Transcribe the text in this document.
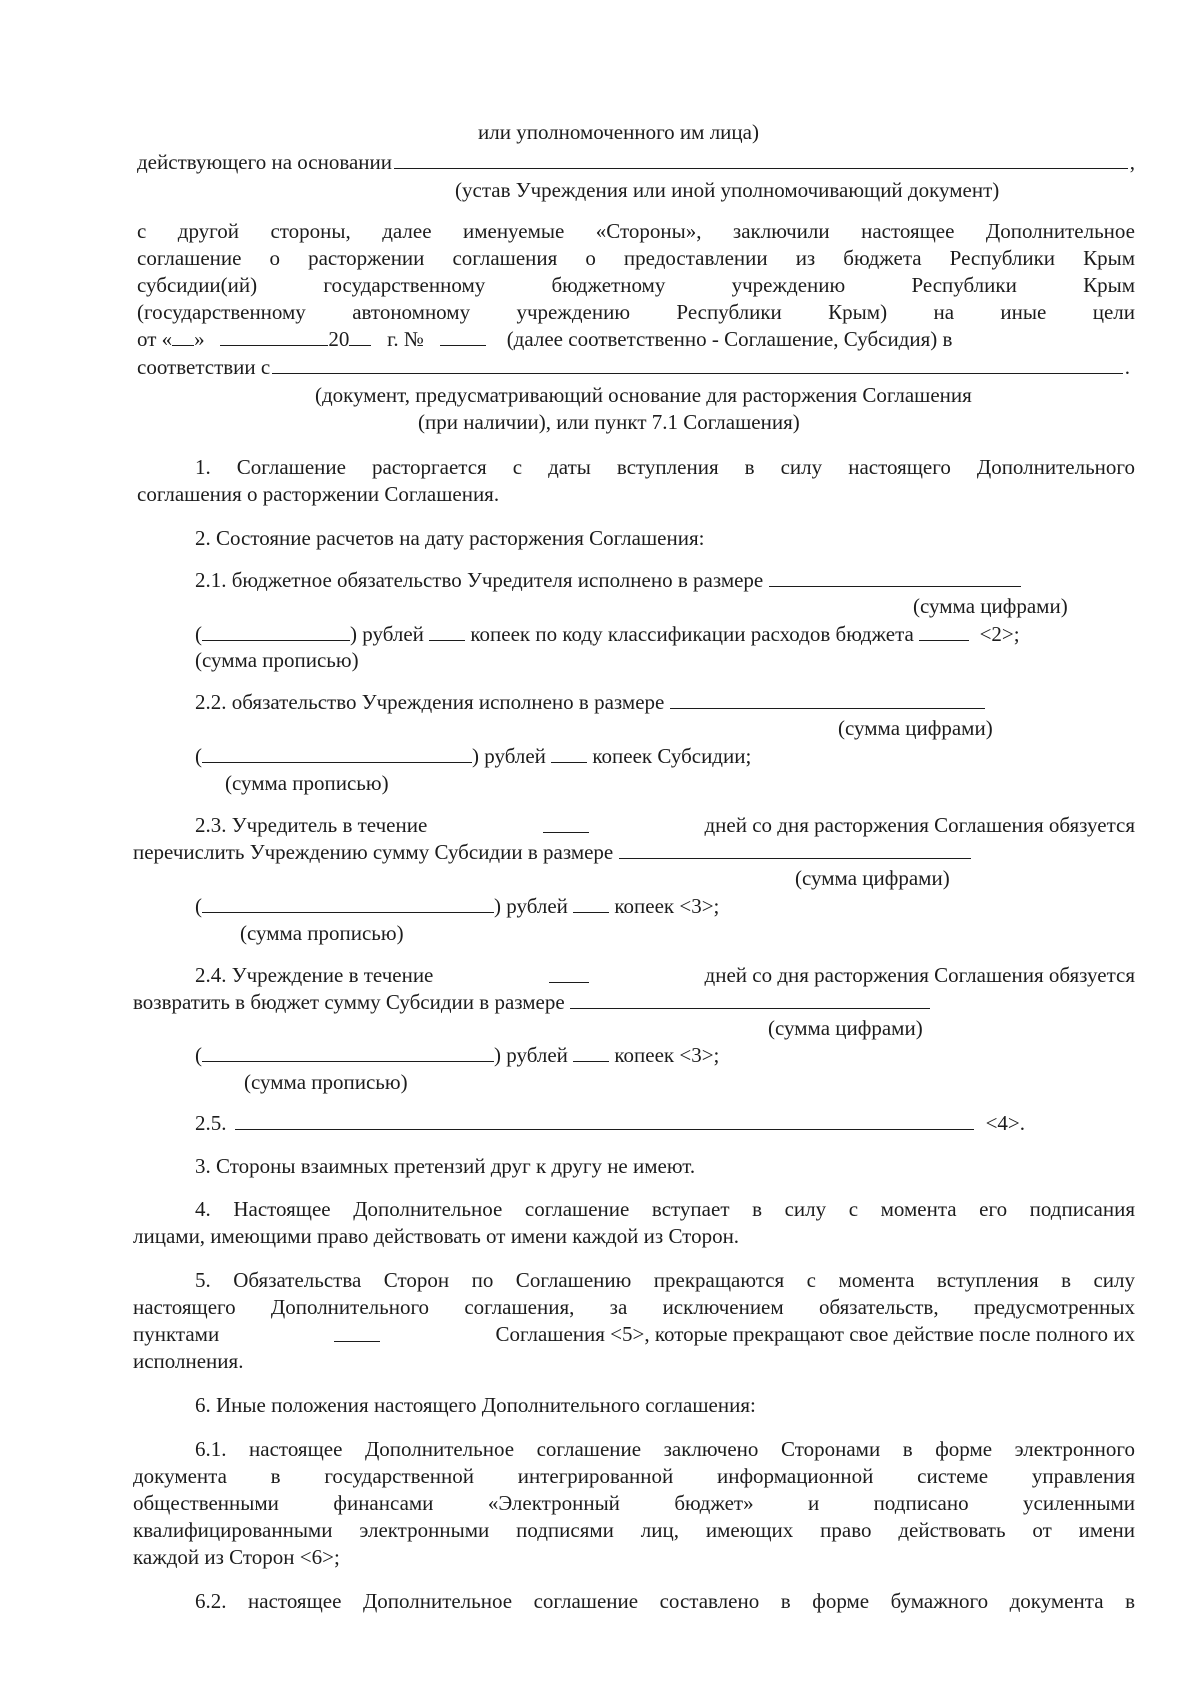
или уполномоченного им лица)
действующего на основании	,
(устав Учреждения или иной уполномочивающий документ)
с другой стороны, далее именуемые «Стороны», заключили настоящее Дополнительное
соглашение о расторжении соглашения о предоставлении из бюджета Республики Крым
субсидии(ий) государственному бюджетному учреждению Республики Крым
(государственному автономному учреждению Республики Крым) на иные цели
от « »	20 г. №	(далее соответственно - Соглашение, Субсидия) в
соответствии с	.
(документ, предусматривающий основание для расторжения Соглашения
(при наличии), или пункт 7.1 Соглашения)
1. Соглашение расторгается с даты вступления в силу настоящего Дополнительного
соглашения о расторжении Соглашения.
2. Состояние расчетов на дату расторжения Соглашения:
2.1. бюджетное обязательство Учредителя исполнено в размере
(сумма цифрами)
(	) рублей копеек по коду классификации расходов бюджета	<2>;
(сумма прописью)
2.2. обязательство Учреждения исполнено в размере
(сумма цифрами)
(	) рублей копеек Субсидии;
(сумма прописью)
2.3. Учредитель в течение	дней со дня расторжения Соглашения обязуется
перечислить Учреждению сумму Субсидии в размере
(сумма цифрами)
(	) рублей копеек <3>;
(сумма прописью)
2.4. Учреждение в течение	дней со дня расторжения Соглашения обязуется
возвратить в бюджет сумму Субсидии в размере
(сумма цифрами)
(	) рублей копеек <3>;
(сумма прописью)
2.5.	<4>.
3. Стороны взаимных претензий друг к другу не имеют.
4. Настоящее Дополнительное соглашение вступает в силу с момента его подписания
лицами, имеющими право действовать от имени каждой из Сторон.
5. Обязательства Сторон по Соглашению прекращаются с момента вступления в силу
настоящего Дополнительного соглашения, за исключением обязательств, предусмотренных
пунктами	Соглашения <5>, которые прекращают свое действие после полного их
исполнения.
6. Иные положения настоящего Дополнительного соглашения:
6.1. настоящее Дополнительное соглашение заключено Сторонами в форме электронного
документа в государственной интегрированной информационной системе управления
общественными финансами «Электронный бюджет» и подписано усиленными
квалифицированными электронными подписями лиц, имеющих право действовать от имени
каждой из Сторон <6>;
6.2. настоящее Дополнительное соглашение составлено в форме бумажного документа в
